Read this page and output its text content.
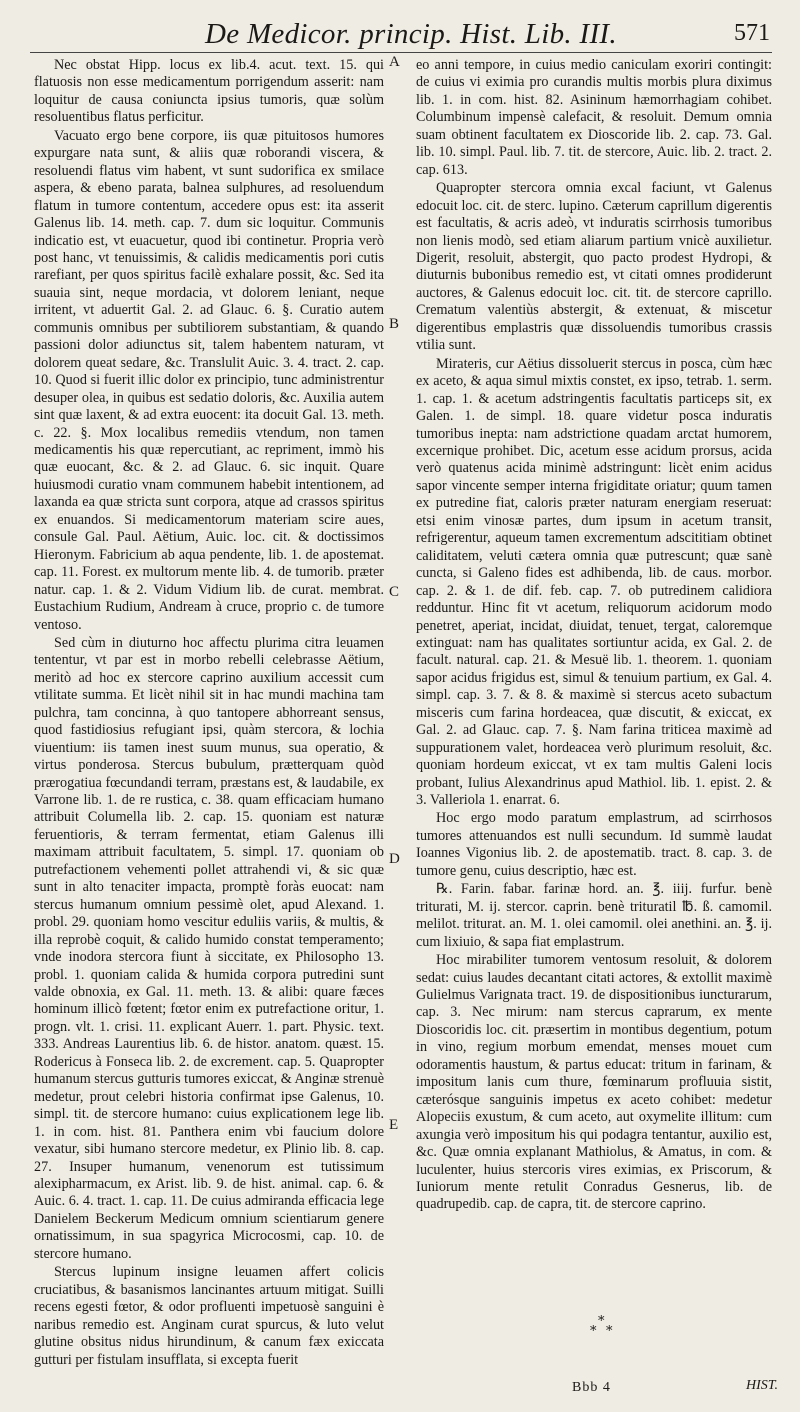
De Medicor. princip. Hist. Lib. III.	571

Nec obstat Hipp. locus ex lib.4. acut. text. 15. qui flatuosis non esse medicamentum porrigendum asserit: nam loquitur de causa coniuncta ipsius tumoris, quæ solùm resoluentibus flatus perficitur.

Vacuato ergo bene corpore, iis quæ pituitosos humores expurgare nata sunt, & aliis quæ roborandi viscera, & resoluendi flatus vim habent, vt sunt sudorifica ex smilace aspera, & ebeno parata, balnea sulphures, ad resoluendum flatum in tumore contentum, accedere opus est: ita asserit Galenus lib. 14. meth. cap. 7. dum sic loquitur. Communis indicatio est, vt euacuetur, quod ibi continetur. Propria verò post hanc, vt tenuissimis, & calidis medicamentis pori cutis rarefiant, per quos spiritus facilè exhalare possit, &c. Sed ita suauia sint, neque mordacia, vt dolorem leniant, neque irritent, vt aduertit Gal. 2. ad Glauc. 6. §. Curatio autem communis omnibus per subtiliorem substantiam, & quando passioni dolor adiunctus sit, talem habentem naturam, vt dolorem queat sedare, &c. Translulit Auic. 3. 4. tract. 2. cap. 10. Quod si fuerit illic dolor ex principio, tunc administrentur desuper olea, in quibus est sedatio doloris, &c. Auxilia autem sint quæ laxent, & ad extra euocent: ita docuit Gal. 13. meth. c. 22. §. Mox localibus remediis vtendum, non tamen medicamentis his quæ repercutiant, ac repriment, immò his quæ euocant, &c. & 2. ad Glauc. 6. sic inquit. Quare huiusmodi curatio vnam communem habebit intentionem, ad laxanda ea quæ stricta sunt corpora, atque ad crassos spiritus ex enuandos. Si medicamentorum materiam scire aues, consule Gal. Paul. Aëtium, Auic. loc. cit. & doctissimos Hieronym. Fabricium ab aqua pendente, lib. 1. de apostemat. cap. 11. Forest. ex multorum mente lib. 4. de tumorib. præter natur. cap. 1. & 2. Vidum Vidium lib. de curat. membrat. Eustachium Rudium, Andream à cruce, proprio c. de tumore ventoso.

Sed cùm in diuturno hoc affectu plurima citra leuamen tententur, vt par est in morbo rebelli celebrasse Aëtium, meritò ad hoc ex stercore caprino auxilium accessit cum vtilitate summa. Et licèt nihil sit in hac mundi machina tam pulchra, tam concinna, à quo tantopere abhorreant sensus, quod fastidiosius refugiant ipsi, quàm stercora, & lochia viuentium: iis tamen inest suum munus, sua operatio, & virtus ponderosa. Stercus bubulum, prætterquam quòd prærogatiua fœcundandi terram, præstans est, & laudabile, ex Varrone lib. 1. de re rustica, c. 38. quam efficaciam humano attribuit Columella lib. 2. cap. 15. quoniam est naturæ feruentioris, & terram fermentat, etiam Galenus illi maximam attribuit facultatem, 5. simpl. 17. quoniam ob putrefactionem vehementi pollet attrahendi vi, & sic quæ sunt in alto tenaciter impacta, promptè foràs euocat: nam stercus humanum omnium pessimè olet, apud Alexand. 1. probl. 29. quoniam homo vescitur eduliis variis, & multis, & illa reprobè coquit, & calido humido constat temperamento; vnde inodora stercora fiunt à siccitate, ex Philosopho 13. probl. 1. quoniam calida & humida corpora putredini sunt valde obnoxia, ex Gal. 11. meth. 13. & alibi: quare fæces hominum illicò fœtent; fœtor enim ex putrefactione oritur, 1. progn. vlt. 1. crisi. 11. explicant Auerr. 1. part. Physic. text. 333. Andreas Laurentius lib. 6. de histor. anatom. quæst. 15. Rodericus à Fonseca lib. 2. de excrement. cap. 5. Quapropter humanum stercus gutturis tumores exiccat, & Anginæ strenuè medetur, prout celebri historia confirmat ipse Galenus, 10. simpl. tit. de stercore humano: cuius explicationem lege lib. 1. in com. hist. 81. Panthera enim vbi faucium dolore vexatur, sibi humano stercore medetur, ex Plinio lib. 8. cap. 27. Insuper humanum, venenorum est tutissimum alexipharmacum, ex Arist. lib. 9. de hist. animal. cap. 6. & Auic. 6. 4. tract. 1. cap. 11. De cuius admiranda efficacia lege Danielem Beckerum Medicum omnium scientiarum genere ornatissimum, in sua spagyrica Microcosmi, cap. 10. de stercore humano.

Stercus lupinum insigne leuamen affert colicis cruciatibus, & basanismos lancinantes artuum mitigat. Suilli recens egesti fœtor, & odor profluenti impetuosè sanguini è naribus remedio est. Anginam curat spurcus, & luto velut glutine obsitus nidus hirundinum, & canum fæx exiccata gutturi per fistulam insufflata, si excepta fuerit

A
B
C
D
E

eo anni tempore, in cuius medio caniculam exoriri contingit: de cuius vi eximia pro curandis multis morbis plura diximus lib. 1. in com. hist. 82. Asininum hæmorrhagiam cohibet. Columbinum impensè calefacit, & resoluit. Demum omnia suam obtinent facultatem ex Dioscoride lib. 2. cap. 73. Gal. lib. 10. simpl. Paul. lib. 7. tit. de stercore, Auic. lib. 2. tract. 2. cap. 613.

Quapropter stercora omnia excal faciunt, vt Galenus edocuit loc. cit. de sterc. lupino. Cæterum caprillum digerentis est facultatis, & acris adeò, vt induratis scirrhosis tumoribus non lienis modò, sed etiam aliarum partium vnicè auxilietur. Digerit, resoluit, abstergit, quo pacto prodest Hydropi, & diuturnis bubonibus remedio est, vt citati omnes prodiderunt auctores, & Galenus edocuit loc. cit. tit. de stercore caprillo. Crematum valentiùs abstergit, & extenuat, & miscetur digerentibus emplastris quæ dissoluendis tumoribus crassis vtilia sunt.

Mirateris, cur Aëtius dissoluerit stercus in posca, cùm hæc ex aceto, & aqua simul mixtis constet, ex ipso, tetrab. 1. serm. 1. cap. 1. & acetum adstringentis facultatis particeps sit, ex Galen. 1. de simpl. 18. quare videtur posca induratis tumoribus inepta: nam adstrictione quadam arctat humorem, excernique prohibet. Dic, acetum esse acidum prorsus, acida verò quatenus acida minimè adstringunt: licèt enim acidus sapor vincente semper interna frigiditate oriatur; quum tamen ex putredine fiat, caloris præter naturam energiam reseruat: etsi enim vinosæ partes, dum ipsum in acetum transit, refrigerentur, aqueum tamen excrementum adscititiam obtinet caliditatem, veluti cætera omnia quæ putrescunt; quæ sanè cuncta, si Galeno fides est adhibenda, lib. de caus. morbor. cap. 2. & 1. de dif. feb. cap. 7. ob putredinem calidiora redduntur. Hinc fit vt acetum, reliquorum acidorum modo penetret, aperiat, incidat, diuidat, tenuet, tergat, caloremque extinguat: nam has qualitates sortiuntur acida, ex Gal. 2. de facult. natural. cap. 21. & Mesuë lib. 1. theorem. 1. quoniam sapor acidus frigidus est, simul & tenuium partium, ex Gal. 4. simpl. cap. 3. 7. & 8. & maximè si stercus aceto subactum misceris cum farina hordeacea, quæ discutit, & exiccat, ex Gal. 2. ad Glauc. cap. 7. §. Nam farina triticea maximè ad suppurationem valet, hordeacea verò plurimum resoluit, &c. quoniam hordeum exiccat, vt ex tam multis Galeni locis probant, Iulius Alexandrinus apud Mathiol. lib. 1. epist. 2. & 3. Valleriola 1. enarrat. 6.

Hoc ergo modo paratum emplastrum, ad scirrhosos tumores attenuandos est nulli secundum. Id summè laudat Ioannes Vigonius lib. 2. de apostematib. tract. 8. cap. 3. de tumore genu, cuius descriptio, hæc est.

℞. Farin. fabar. farinæ hord. an. ℥. iiij. furfur. benè triturati, M. ij. stercor. caprin. benè trituratil ℔. ß. camomil. melilot. triturat. an. M. 1. olei camomil. olei anethini. an. ℥. ij. cum lixiuio, & sapa fiat emplastrum.

Hoc mirabiliter tumorem ventosum resoluit, & dolorem sedat: cuius laudes decantant citati actores, & extollit maximè Gulielmus Varignata tract. 19. de dispositionibus iuncturarum, cap. 3. Nec mirum: nam stercus caprarum, ex mente Dioscoridis loc. cit. præsertim in montibus degentium, potum in vino, regium morbum emendat, menses mouet cum odoramentis haustum, & partus educat: tritum in farinam, & impositum lanis cum thure, fœminarum profluuia sistit, cæterósque sanguinis impetus ex aceto cohibet: medetur Alopeciis exustum, & cum aceto, aut oxymelite illitum: cum axungia verò impositum his qui podagra tentantur, auxilio est, &c. Quæ omnia explanant Mathiolus, & Amatus, in com. & luculenter, huius stercoris vires eximias, ex Priscorum, & Iuniorum mente retulit Conradus Gesnerus, lib. de quadrupedib. cap. de capra, tit. de stercore caprino.

*
* *
Bbb 4	HIST.
